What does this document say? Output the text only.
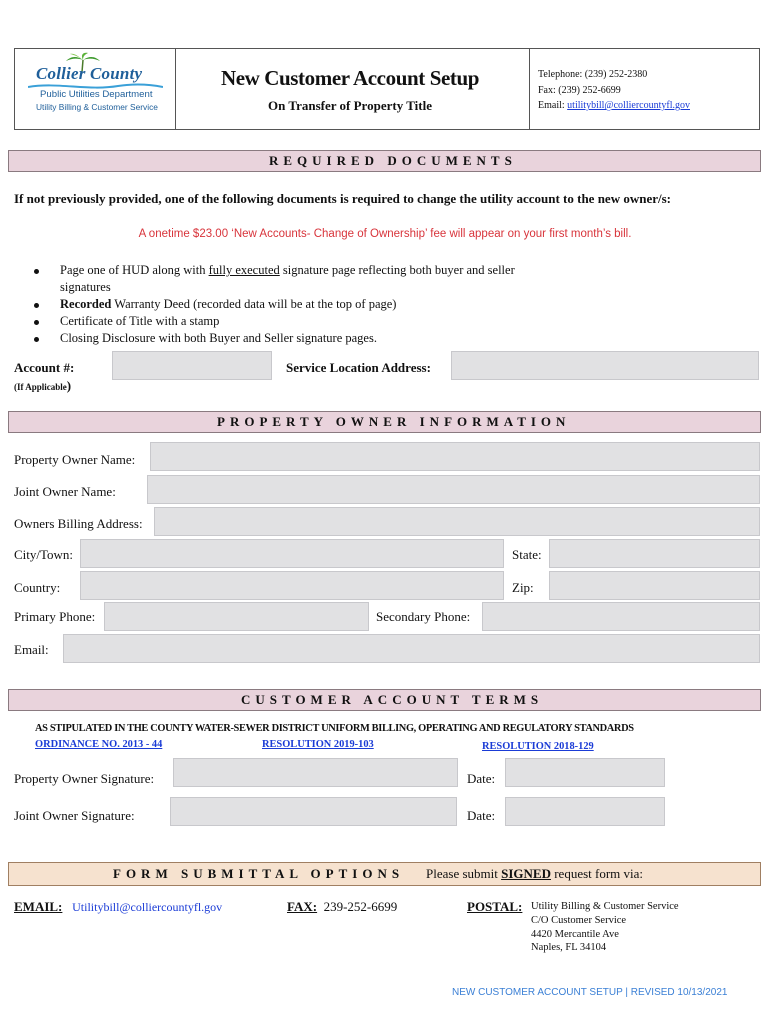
Collier County
Public Utilities Department
Utility Billing & Customer Service
New Customer Account Setup
On Transfer of Property Title
Telephone: (239) 252-2380
Fax: (239) 252-6699
Email: utilitybill@colliercountyfl.gov
REQUIRED DOCUMENTS
If not previously provided, one of the following documents is required to change the utility account to the new owner/s:
A onetime $23.00 ‘New Accounts- Change of Ownership’ fee will appear on your first month’s bill.
Page one of HUD along with fully executed signature page reflecting both buyer and seller
signatures
Recorded Warranty Deed (recorded data will be at the top of page)
Certificate of Title with a stamp
Closing Disclosure with both Buyer and Seller signature pages.
Account #:
(If Applicable)
Service Location Address:
PROPERTY OWNER INFORMATION
Property Owner Name:
Joint Owner Name:
Owners Billing Address:
City/Town:	State:
Country:	Zip:
Primary Phone:	Secondary Phone:
Email:
CUSTOMER ACCOUNT TERMS
AS STIPULATED IN THE COUNTY WATER-SEWER DISTRICT UNIFORM BILLING, OPERATING AND REGULATORY STANDARDS
ORDINANCE NO. 2013 - 44	RESOLUTION 2019-103	RESOLUTION 2018-129
Property Owner Signature:	Date:
Joint Owner Signature:	Date:
FORM SUBMITTAL OPTIONS	Please submit SIGNED request form via:
EMAIL: Utilitybill@colliercountyfl.gov	FAX: 239-252-6699	POSTAL: Utility Billing & Customer Service
C/O Customer Service
4420 Mercantile Ave
Naples, FL 34104
NEW CUSTOMER ACCOUNT SETUP | REVISED 10/13/2021
